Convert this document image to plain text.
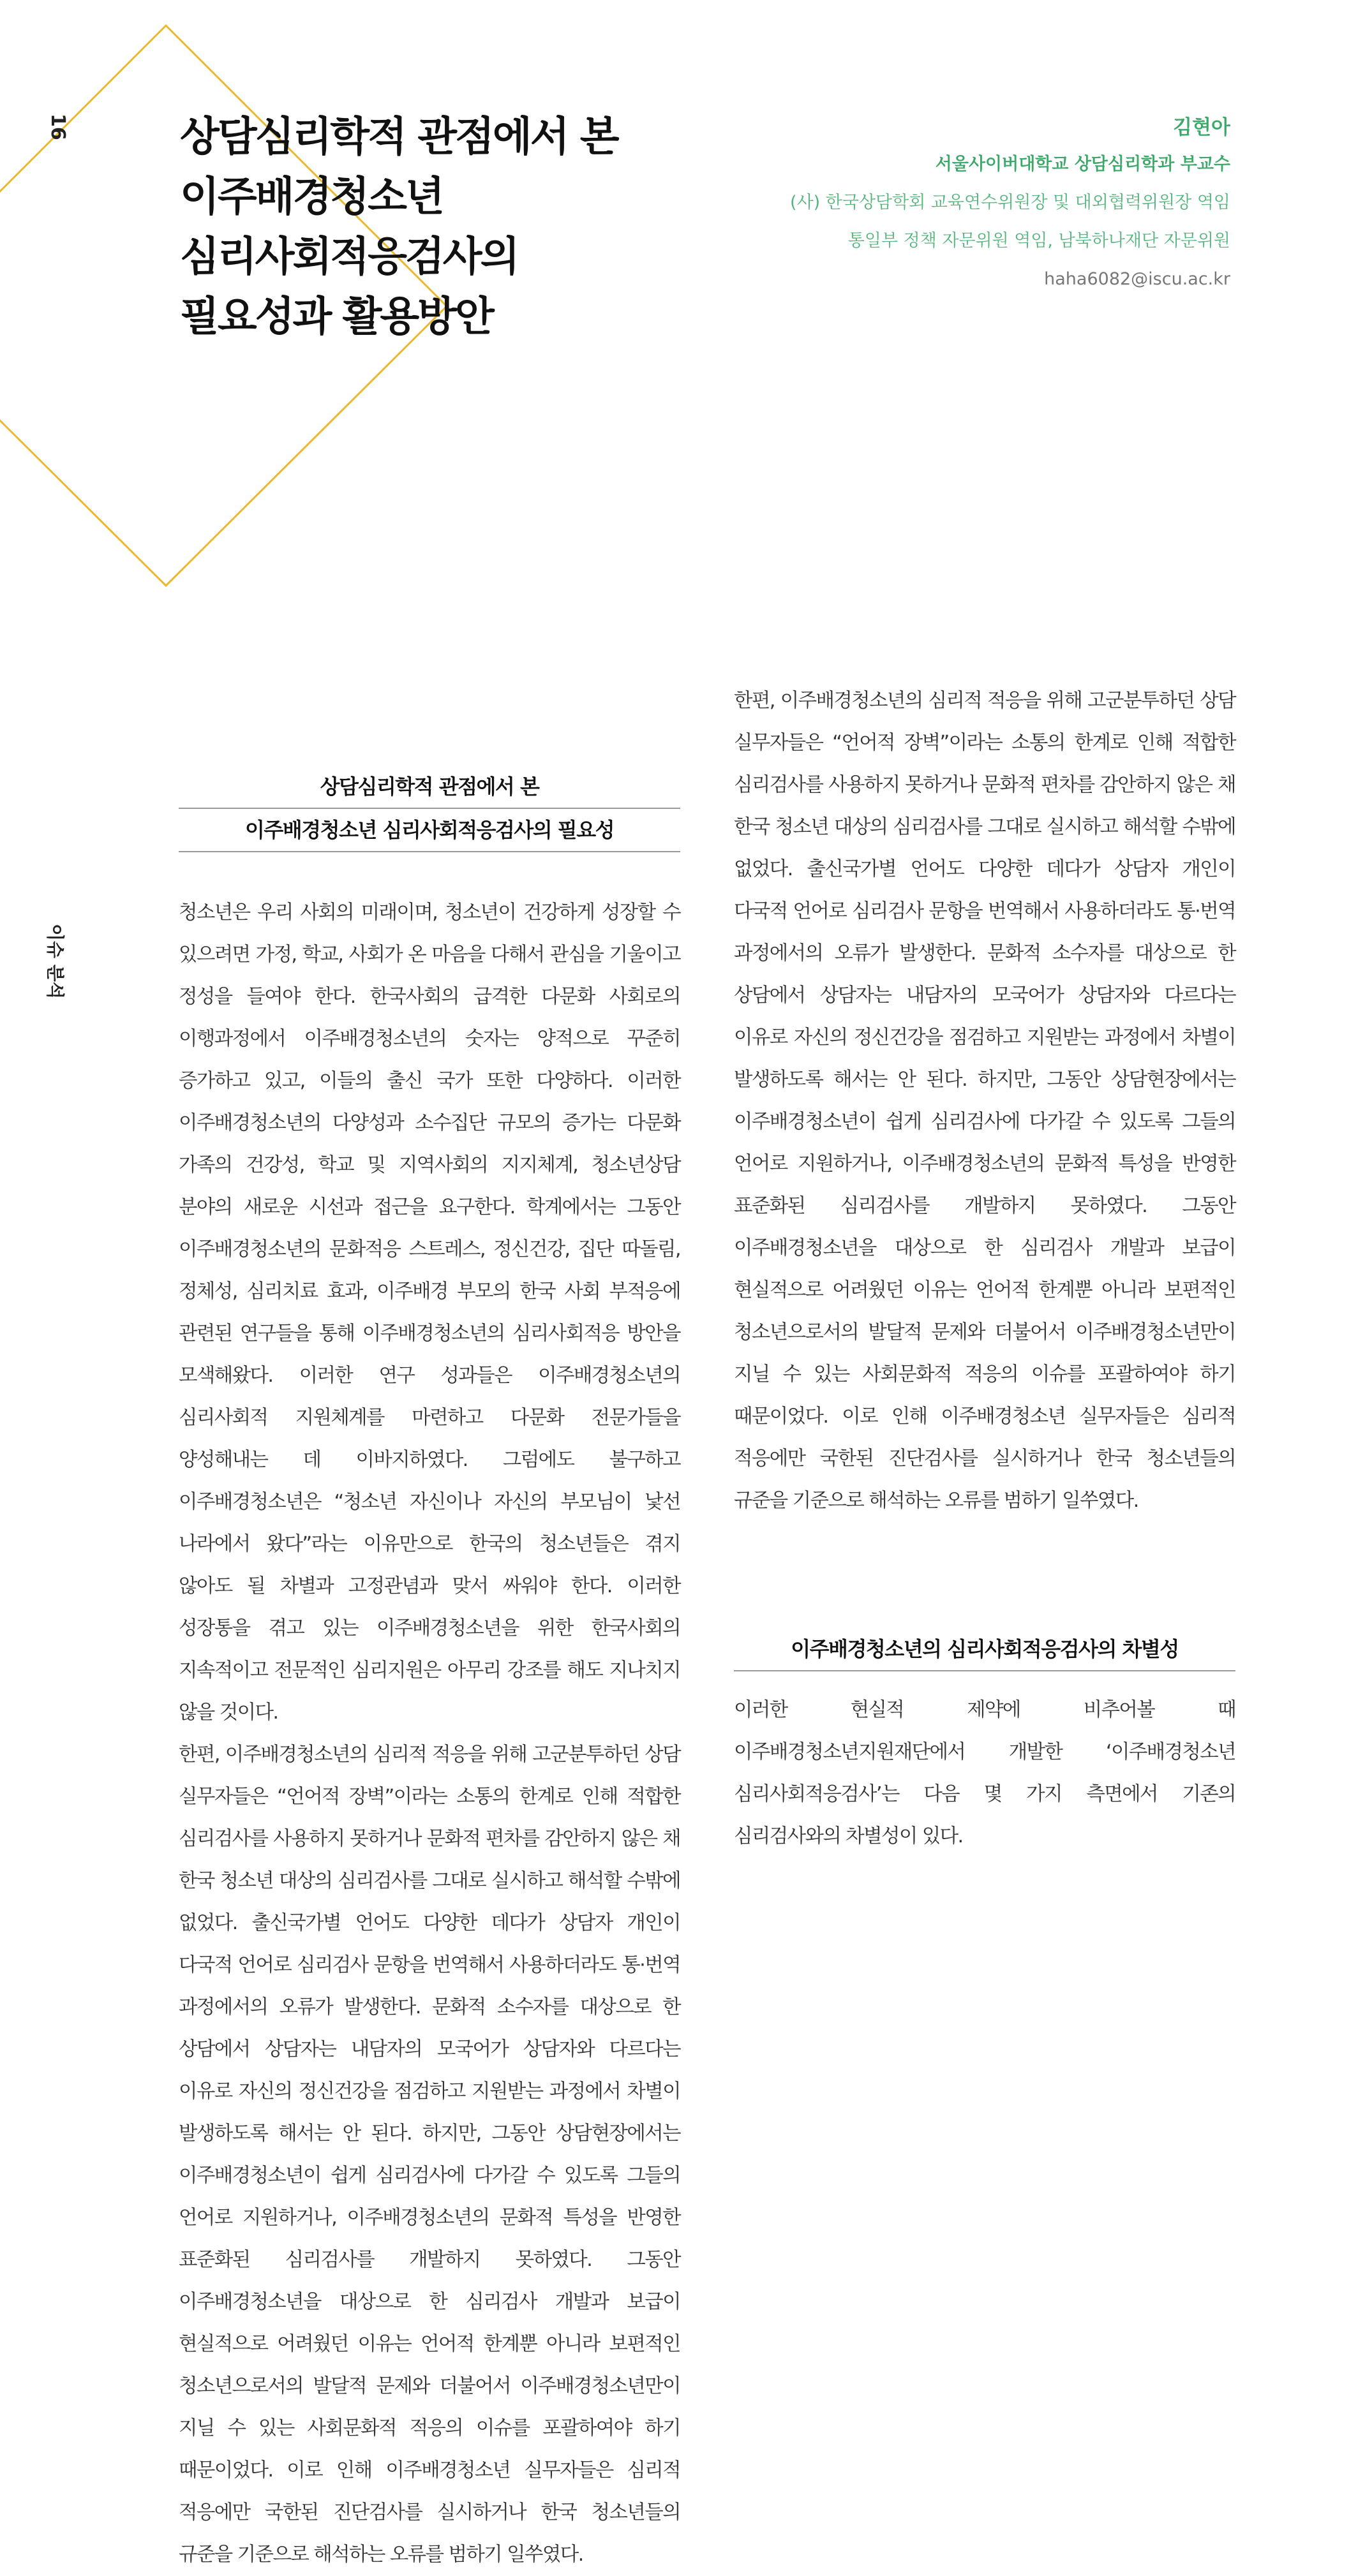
16
이슈 분석
상담심리학적 관점에서 본
이주배경청소년
심리사회적응검사의
필요성과 활용방안
김현아
서울사이버대학교 상담심리학과 부교수
(사) 한국상담학회 교육연수위원장 및 대외협력위원장 역임
통일부 정책 자문위원 역임, 남북하나재단 자문위원
haha6082@iscu.ac.kr
상담심리학적 관점에서 본
이주배경청소년 심리사회적응검사의 필요성

청소년은 우리 사회의 미래이며, 청소년이 건강하게 성장할 수 있으려면 가정, 학교, 사회가 온 마음을 다해서 관심을 기울이고 정성을 들여야 한다. 한국사회의 급격한 다문화 사회로의 이행과정에서 이주배경청소년의 숫자는 양적으로 꾸준히 증가하고 있고, 이들의 출신 국가 또한 다양하다. 이러한 이주배경청소년의 다양성과 소수집단 규모의 증가는 다문화 가족의 건강성, 학교 및 지역사회의 지지체계, 청소년상담 분야의 새로운 시선과 접근을 요구한다. 학계에서는 그동안 이주배경청소년의 문화적응 스트레스, 정신건강, 집단 따돌림, 정체성, 심리치료 효과, 이주배경 부모의 한국 사회 부적응에 관련된 연구들을 통해 이주배경청소년의 심리사회적응 방안을 모색해왔다. 이러한 연구 성과들은 이주배경청소년의 심리사회적 지원체계를 마련하고 다문화 전문가들을 양성해내는 데 이바지하였다. 그럼에도 불구하고 이주배경청소년은 “청소년 자신이나 자신의 부모님이 낯선 나라에서 왔다”라는 이유만으로 한국의 청소년들은 겪지 않아도 될 차별과 고정관념과 맞서 싸워야 한다. 이러한 성장통을 겪고 있는 이주배경청소년을 위한 한국사회의 지속적이고 전문적인 심리지원은 아무리 강조를 해도 지나치지 않을 것이다.

한편, 이주배경청소년의 심리적 적응을 위해 고군분투하던 상담 실무자들은 “언어적 장벽”이라는 소통의 한계로 인해 적합한 심리검사를 사용하지 못하거나 문화적 편차를 감안하지 않은 채 한국 청소년 대상의 심리검사를 그대로 실시하고 해석할 수밖에 없었다. 출신국가별 언어도 다양한 데다가 상담자 개인이 다국적 언어로 심리검사 문항을 번역해서 사용하더라도 통·번역 과정에서의 오류가 발생한다. 문화적 소수자를 대상으로 한 상담에서 상담자는 내담자의 모국어가 상담자와 다르다는 이유로 자신의 정신건강을 점검하고 지원받는 과정에서 차별이 발생하도록 해서는 안 된다. 하지만, 그동안 상담현장에서는 이주배경청소년이 쉽게 심리검사에 다가갈 수 있도록 그들의 언어로 지원하거나, 이주배경청소년의 문화적 특성을 반영한 표준화된 심리검사를 개발하지 못하였다. 그동안 이주배경청소년을 대상으로 한 심리검사 개발과 보급이 현실적으로 어려웠던 이유는 언어적 한계뿐 아니라 보편적인 청소년으로서의 발달적 문제와 더불어서 이주배경청소년만이 지닐 수 있는 사회문화적 적응의 이슈를 포괄하여야 하기 때문이었다. 이로 인해 이주배경청소년 실무자들은 심리적 적응에만 국한된 진단검사를 실시하거나 한국 청소년들의 규준을 기준으로 해석하는 오류를 범하기 일쑤였다.

한편, 이주배경청소년의 심리적 적응을 위해 고군분투하던 상담 실무자들은 “언어적 장벽”이라는 소통의 한계로 인해 적합한 심리검사를 사용하지 못하거나 문화적 편차를 감안하지 않은 채 한국 청소년 대상의 심리검사를 그대로 실시하고 해석할 수밖에 없었다. 출신국가별 언어도 다양한 데다가 상담자 개인이 다국적 언어로 심리검사 문항을 번역해서 사용하더라도 통·번역 과정에서의 오류가 발생한다. 문화적 소수자를 대상으로 한 상담에서 상담자는 내담자의 모국어가 상담자와 다르다는 이유로 자신의 정신건강을 점검하고 지원받는 과정에서 차별이 발생하도록 해서는 안 된다. 하지만, 그동안 상담현장에서는 이주배경청소년이 쉽게 심리검사에 다가갈 수 있도록 그들의 언어로 지원하거나, 이주배경청소년의 문화적 특성을 반영한 표준화된 심리검사를 개발하지 못하였다. 그동안 이주배경청소년을 대상으로 한 심리검사 개발과 보급이 현실적으로 어려웠던 이유는 언어적 한계뿐 아니라 보편적인 청소년으로서의 발달적 문제와 더불어서 이주배경청소년만이 지닐 수 있는 사회문화적 적응의 이슈를 포괄하여야 하기 때문이었다. 이로 인해 이주배경청소년 실무자들은 심리적 적응에만 국한된 진단검사를 실시하거나 한국 청소년들의 규준을 기준으로 해석하는 오류를 범하기 일쑤였다.

이주배경청소년의 심리사회적응검사의 차별성

이러한 현실적 제약에 비추어볼 때 이주배경청소년지원재단에서 개발한 ‘이주배경청소년 심리사회적응검사’는 다음 몇 가지 측면에서 기존의 심리검사와의 차별성이 있다.
